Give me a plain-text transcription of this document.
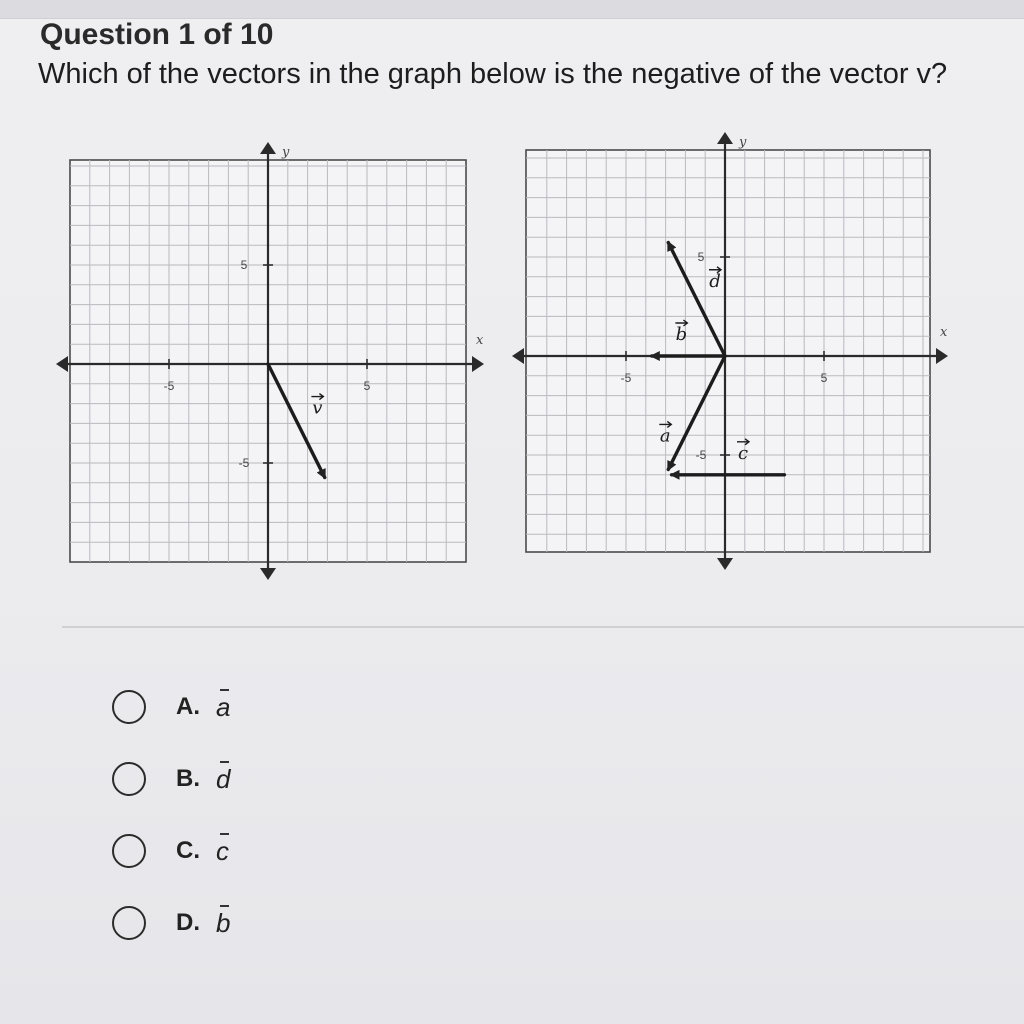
Question 1 of 10
Which of the vectors in the graph below is the negative of the vector v?
-5	5
5
-5
x
y
v
-5	5
5
-5
x
y
d
b
a
c
A. a
B. d
C. c
D. b
